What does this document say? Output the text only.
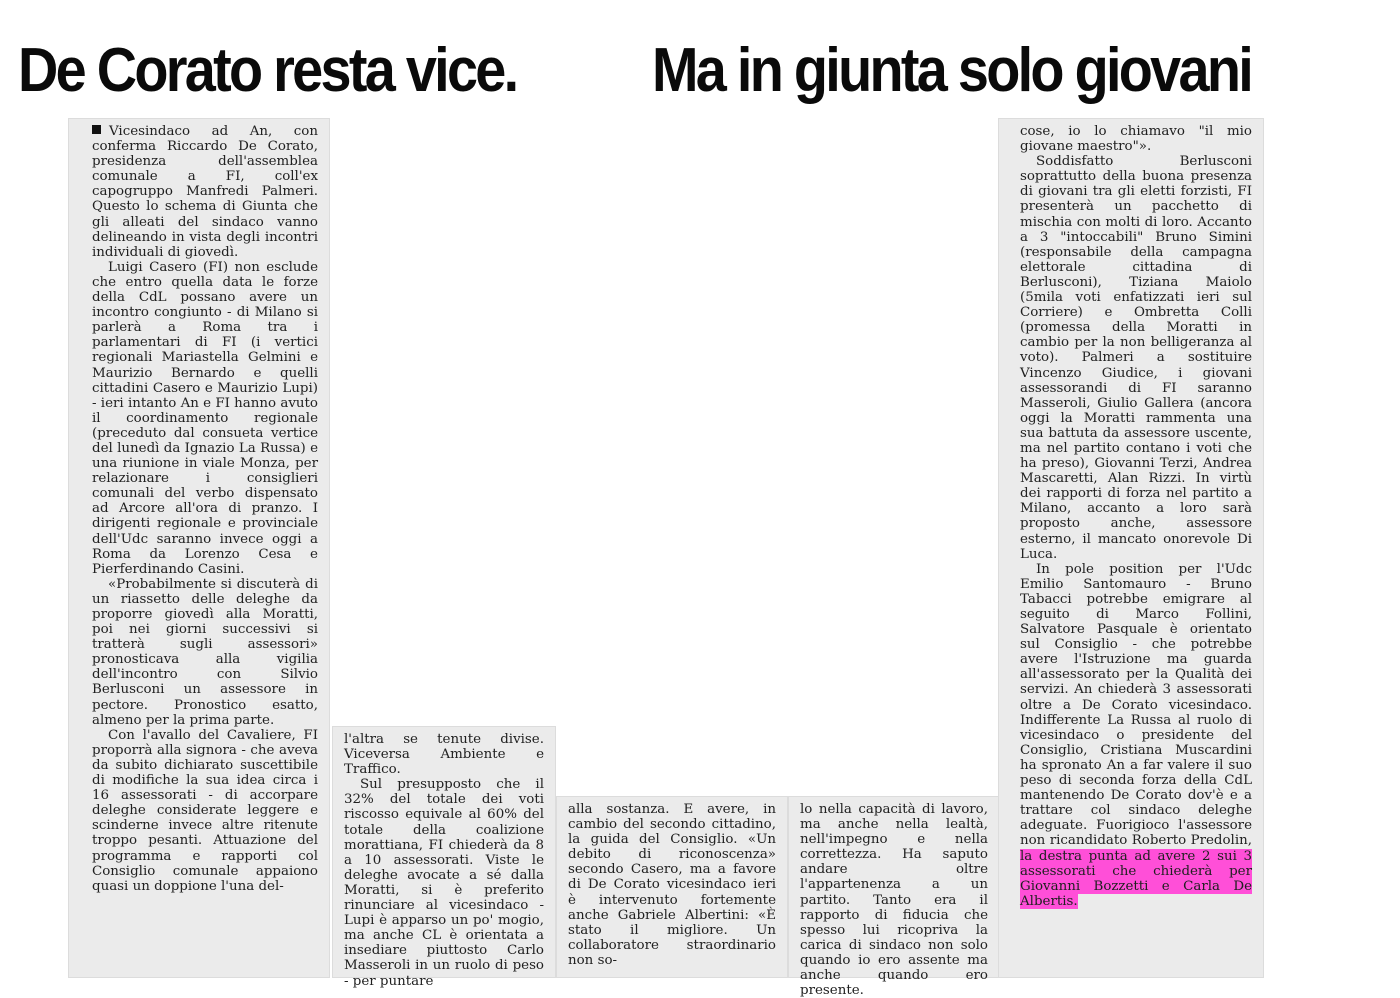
De Corato resta vice. Ma in giunta solo giovani

Vicesindaco ad An, con conferma Riccardo De Corato, presidenza dell'assemblea comunale a FI, coll'ex capogruppo Manfredi Palmeri. Questo lo schema di Giunta che gli alleati del sindaco vanno delineando in vista degli incontri individuali di giovedì.

Luigi Casero (FI) non esclude che entro quella data le forze della CdL possano avere un incontro congiunto - di Milano si parlerà a Roma tra i parlamentari di FI (i vertici regionali Mariastella Gelmini e Maurizio Bernardo e quelli cittadini Casero e Maurizio Lupi) - ieri intanto An e FI hanno avuto il coordinamento regionale (preceduto dal consueta vertice del lunedì da Ignazio La Russa) e una riunione in viale Monza, per relazionare i consiglieri comunali del verbo dispensato ad Arcore all'ora di pranzo. I dirigenti regionale e provinciale dell'Udc saranno invece oggi a Roma da Lorenzo Cesa e Pierferdinando Casini.

«Probabilmente si discuterà di un riassetto delle deleghe da proporre giovedì alla Moratti, poi nei giorni successivi si tratterà sugli assessori» pronosticava alla vigilia dell'incontro con Silvio Berlusconi un assessore in pectore. Pronostico esatto, almeno per la prima parte.

Con l'avallo del Cavaliere, FI proporrà alla signora - che aveva da subito dichiarato suscettibile di modifiche la sua idea circa i 16 assessorati - di accorpare deleghe considerate leggere e scinderne invece altre ritenute troppo pesanti. Attuazione del programma e rapporti col Consiglio comunale appaiono quasi un doppione l'una del-

l'altra se tenute divise. Viceversa Ambiente e Traffico.

Sul presupposto che il 32% del totale dei voti riscosso equivale al 60% del totale della coalizione morattiana, FI chiederà da 8 a 10 assessorati. Viste le deleghe avocate a sé dalla Moratti, si è preferito rinunciare al vicesindaco - Lupi è apparso un po' mogio, ma anche CL è orientata a insediare piuttosto Carlo Masseroli in un ruolo di peso - per puntare

alla sostanza. E avere, in cambio del secondo cittadino, la guida del Consiglio. «Un debito di riconoscenza» secondo Casero, ma a favore di De Corato vicesindaco ieri è intervenuto fortemente anche Gabriele Albertini: «È stato il migliore. Un collaboratore straordinario non so-

lo nella capacità di lavoro, ma anche nella lealtà, nell'impegno e nella correttezza. Ha saputo andare oltre l'appartenenza a un partito. Tanto era il rapporto di fiducia che spesso lui ricopriva la carica di sindaco non solo quando io ero assente ma anche quando ero presente.

cose, io lo chiamavo "il mio giovane maestro"».

Soddisfatto Berlusconi soprattutto della buona presenza di giovani tra gli eletti forzisti, FI presenterà un pacchetto di mischia con molti di loro. Accanto a 3 "intoccabili" Bruno Simini (responsabile della campagna elettorale cittadina di Berlusconi), Tiziana Maiolo (5mila voti enfatizzati ieri sul Corriere) e Ombretta Colli (promessa della Moratti in cambio per la non belligeranza al voto). Palmeri a sostituire Vincenzo Giudice, i giovani assessorandi di FI saranno Masseroli, Giulio Gallera (ancora oggi la Moratti rammenta una sua battuta da assessore uscente, ma nel partito contano i voti che ha preso), Giovanni Terzi, Andrea Mascaretti, Alan Rizzi. In virtù dei rapporti di forza nel partito a Milano, accanto a loro sarà proposto anche, assessore esterno, il mancato onorevole Di Luca.

In pole position per l'Udc Emilio Santomauro - Bruno Tabacci potrebbe emigrare al seguito di Marco Follini, Salvatore Pasquale è orientato sul Consiglio - che potrebbe avere l'Istruzione ma guarda all'assessorato per la Qualità dei servizi. An chiederà 3 assessorati oltre a De Corato vicesindaco. Indifferente La Russa al ruolo di vicesindaco o presidente del Consiglio, Cristiana Muscardini ha spronato An a far valere il suo peso di seconda forza della CdL mantenendo De Corato dov'è e a trattare col sindaco deleghe adeguate. Fuorigioco l'assessore non ricandidato Roberto Predolin, la destra punta ad avere 2 sui 3 assessorati che chiederà per Giovanni Bozzetti e Carla De Albertis.
